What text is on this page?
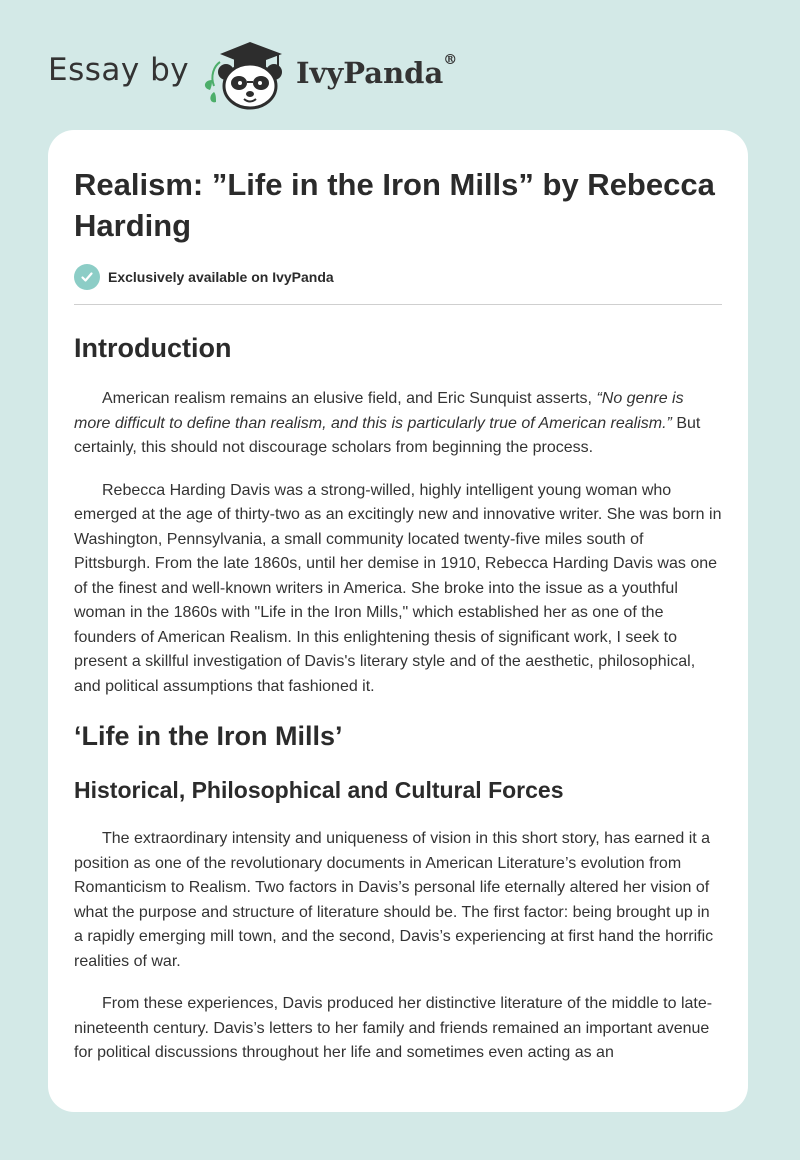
Essay by	IvyPanda®
Realism: ”Life in the Iron Mills” by Rebecca Harding
Exclusively available on IvyPanda
Introduction

American realism remains an elusive field, and Eric Sunquist asserts, “No genre is more difficult to define than realism, and this is particularly true of American realism.” But certainly, this should not discourage scholars from beginning the process.

Rebecca Harding Davis was a strong-willed, highly intelligent young woman who emerged at the age of thirty-two as an excitingly new and innovative writer. She was born in Washington, Pennsylvania, a small community located twenty-five miles south of Pittsburgh. From the late 1860s, until her demise in 1910, Rebecca Harding Davis was one of the finest and well-known writers in America. She broke into the issue as a youthful woman in the 1860s with "Life in the Iron Mills," which established her as one of the founders of American Realism. In this enlightening thesis of significant work, I seek to present a skillful investigation of Davis's literary style and of the aesthetic, philosophical, and political assumptions that fashioned it.

‘Life in the Iron Mills’
Historical, Philosophical and Cultural Forces

The extraordinary intensity and uniqueness of vision in this short story, has earned it a position as one of the revolutionary documents in American Literature’s evolution from Romanticism to Realism. Two factors in Davis’s personal life eternally altered her vision of what the purpose and structure of literature should be. The first factor: being brought up in a rapidly emerging mill town, and the second, Davis’s experiencing at first hand the horrific realities of war.

From these experiences, Davis produced her distinctive literature of the middle to late-nineteenth century. Davis’s letters to her family and friends remained an important avenue for political discussions throughout her life and sometimes even acting as an
